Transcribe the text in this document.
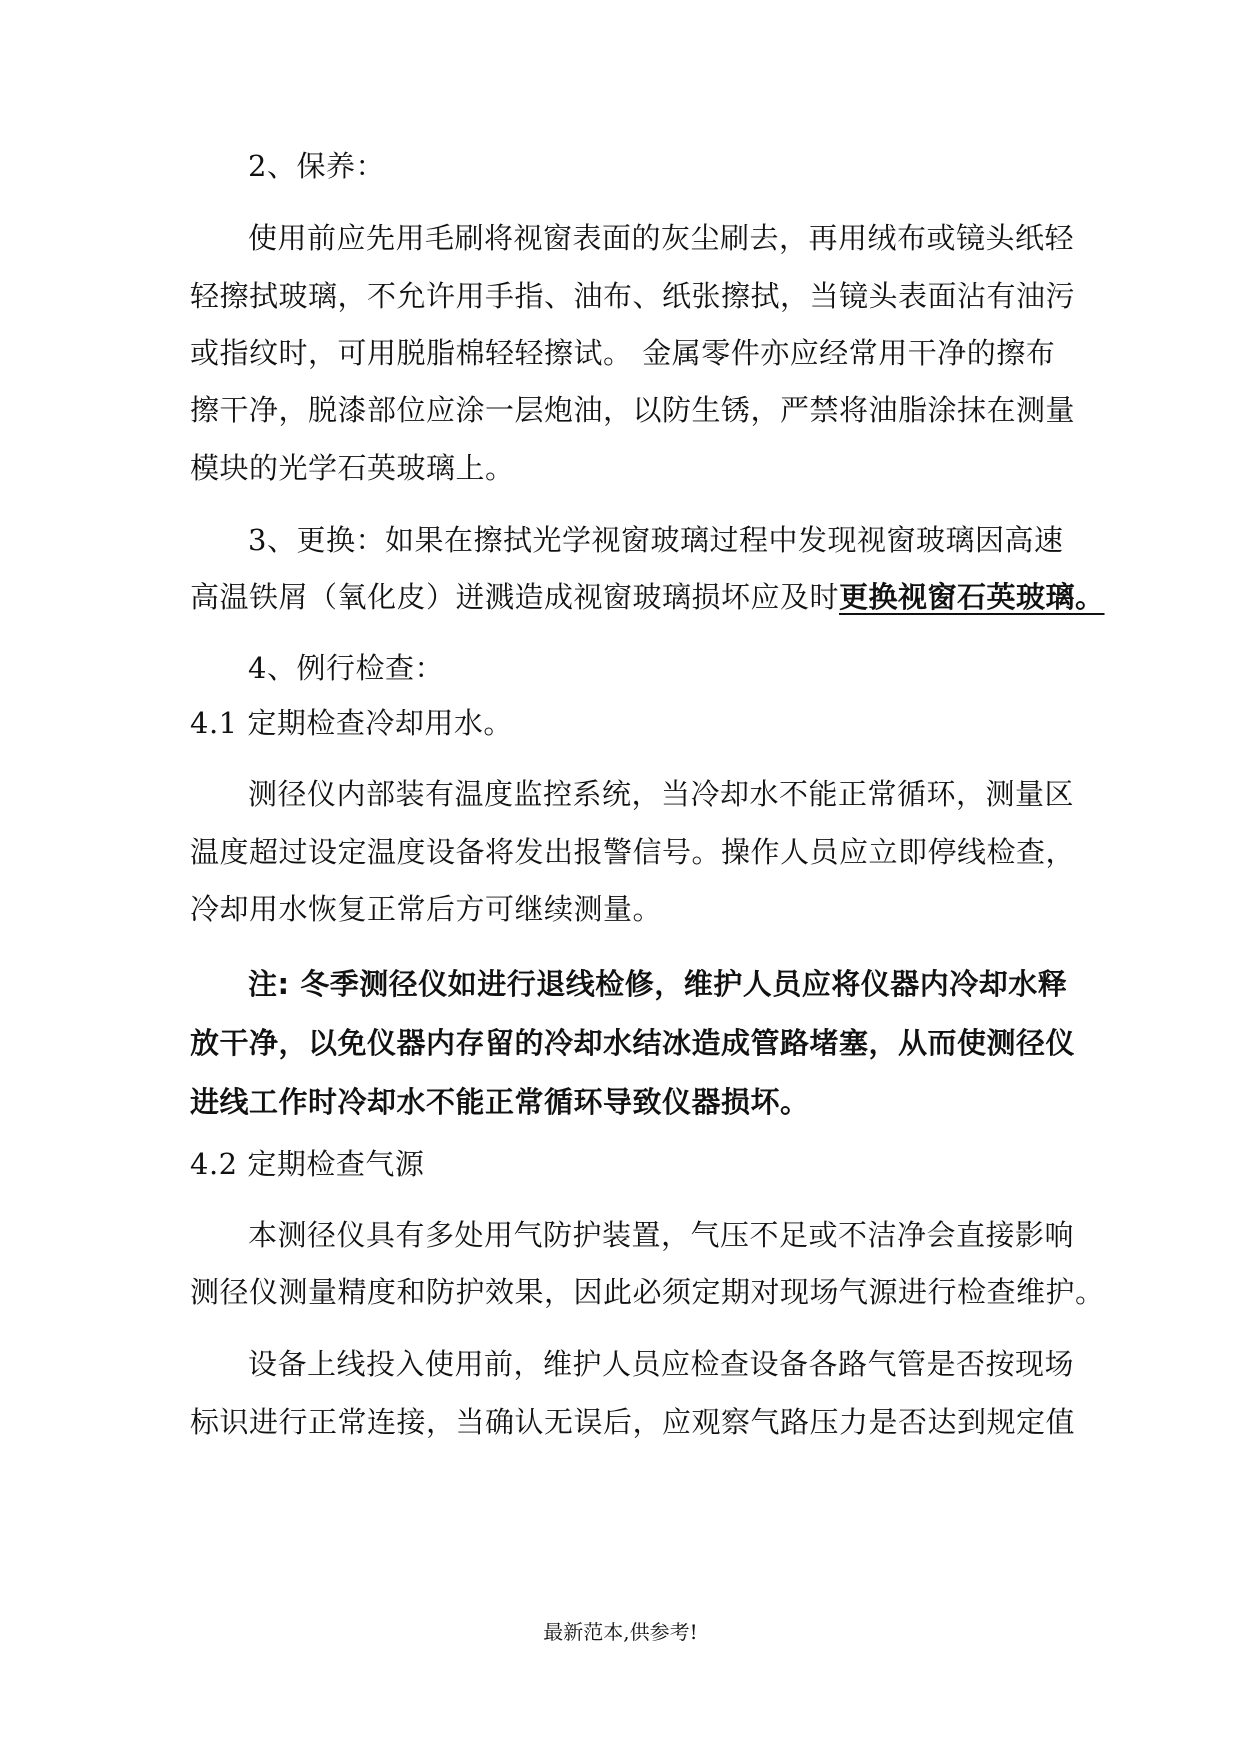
2、保养：
使用前应先用毛刷将视窗表面的灰尘刷去，再用绒布或镜头纸轻
轻擦拭玻璃，不允许用手指、油布、纸张擦拭，当镜头表面沾有油污
或指纹时，可用脱脂棉轻轻擦试。 金属零件亦应经常用干净的擦布
擦干净，脱漆部位应涂一层炮油，以防生锈，严禁将油脂涂抹在测量
模块的光学石英玻璃上。
3、更换：如果在擦拭光学视窗玻璃过程中发现视窗玻璃因高速
高温铁屑（氧化皮）迸溅造成视窗玻璃损坏应及时更换视窗石英玻璃。
4、例行检查：
4.1 定期检查冷却用水。
测径仪内部装有温度监控系统，当冷却水不能正常循环，测量区
温度超过设定温度设备将发出报警信号。操作人员应立即停线检查，
冷却用水恢复正常后方可继续测量。
注: 冬季测径仪如进行退线检修，维护人员应将仪器内冷却水释
放干净，以免仪器内存留的冷却水结冰造成管路堵塞，从而使测径仪
进线工作时冷却水不能正常循环导致仪器损坏。
4.2 定期检查气源
本测径仪具有多处用气防护装置，气压不足或不洁净会直接影响
测径仪测量精度和防护效果，因此必须定期对现场气源进行检查维护。
设备上线投入使用前，维护人员应检查设备各路气管是否按现场
标识进行正常连接，当确认无误后，应观察气路压力是否达到规定值
最新范本,供参考!
